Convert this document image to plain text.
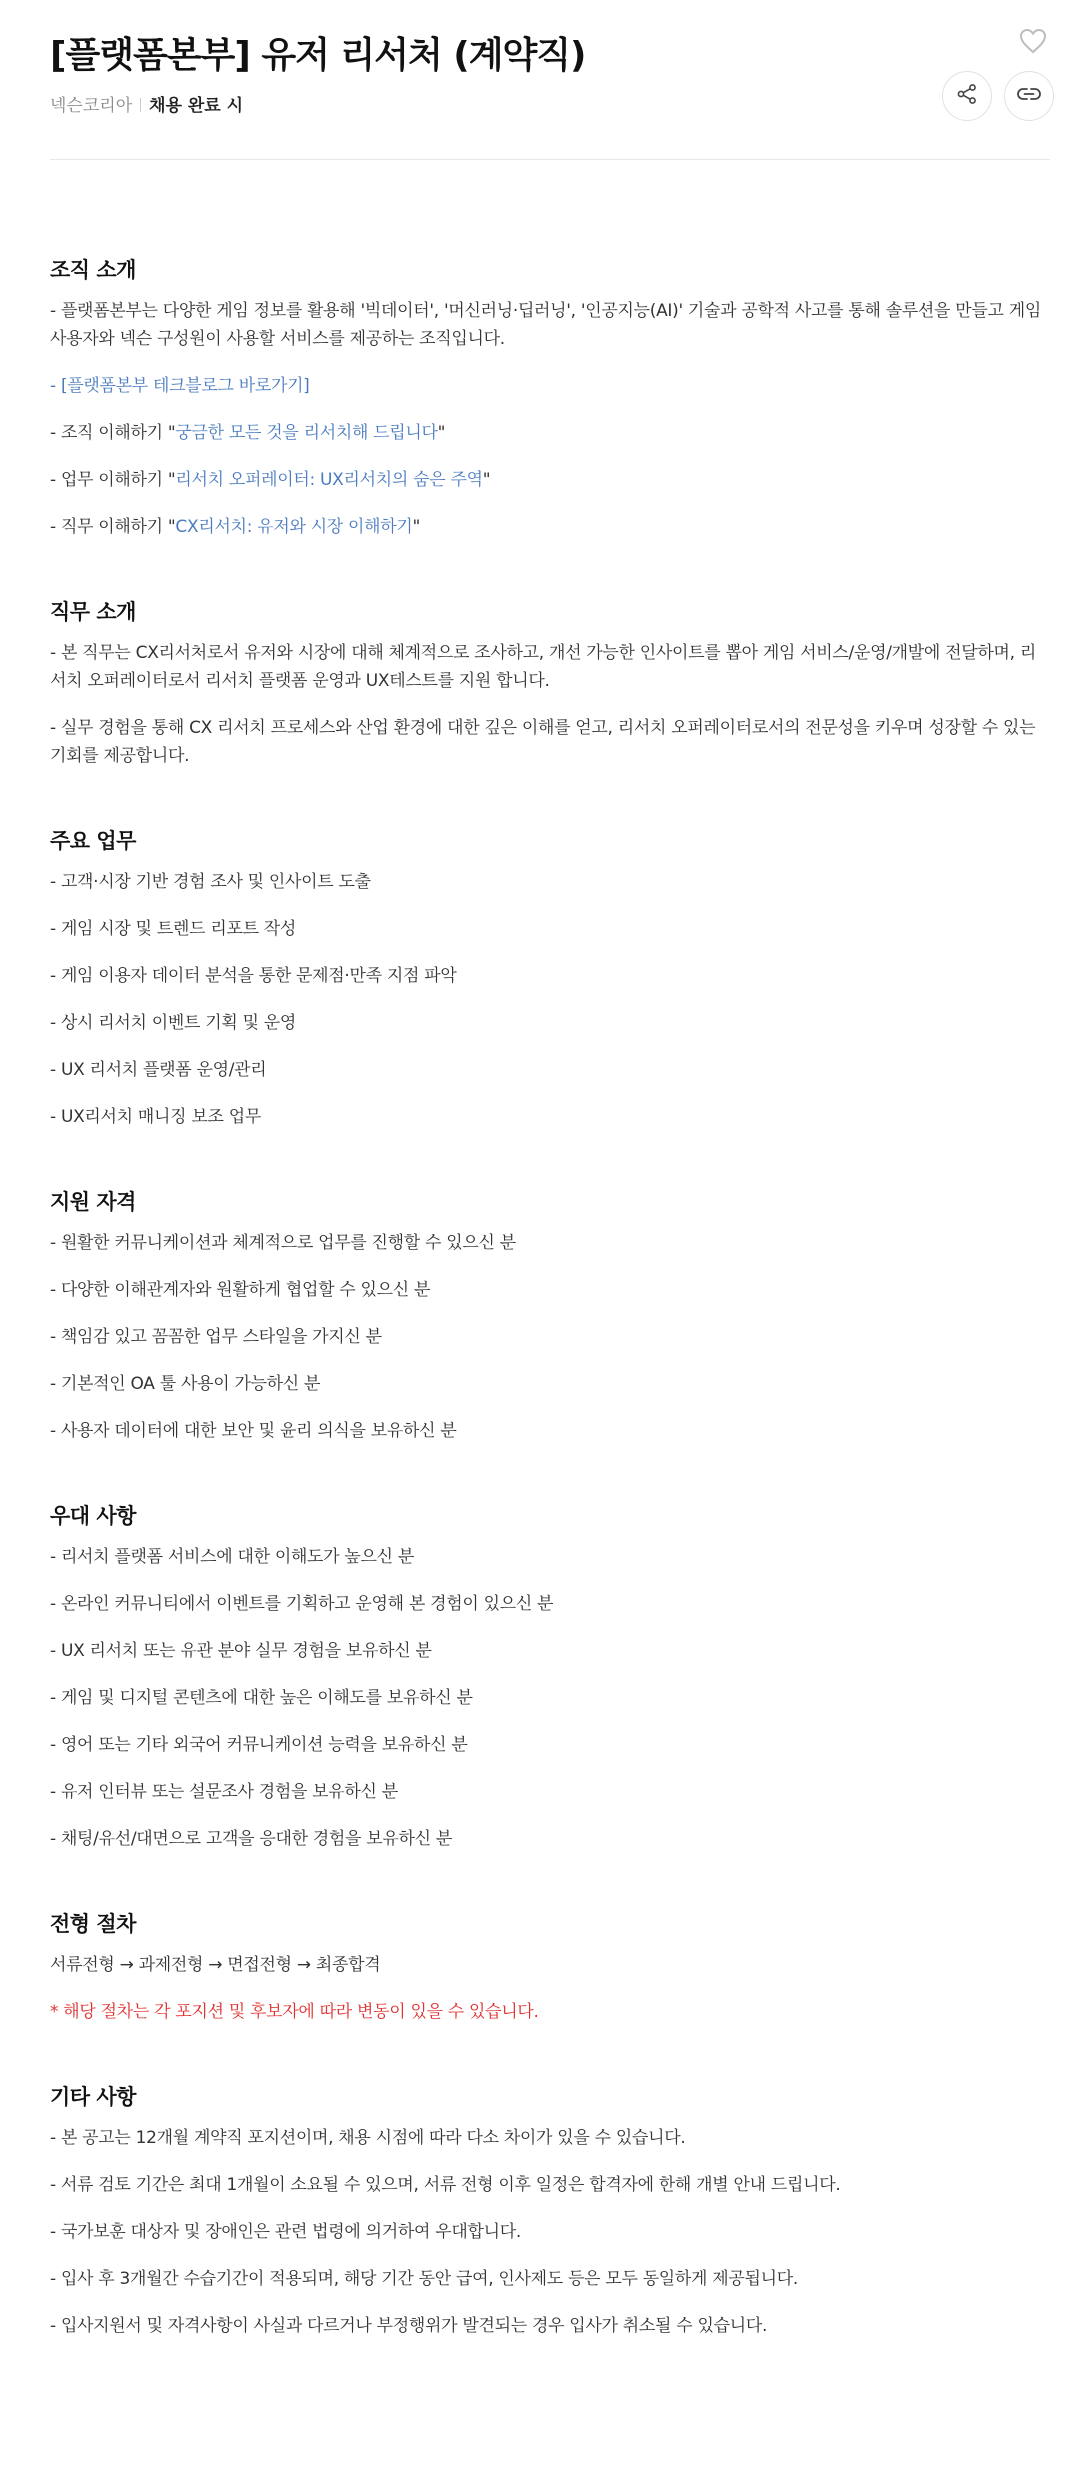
[플랫폼본부] 유저 리서처 (계약직)
넥슨코리아 채용 완료 시
조직 소개

- 플랫폼본부는 다양한 게임 정보를 활용해 '빅데이터', '머신러닝·딥러닝', '인공지능(AI)' 기술과 공학적 사고를 통해 솔루션을 만들고 게임 사용자와 넥슨 구성원이 사용할 서비스를 제공하는 조직입니다.

- [플랫폼본부 테크블로그 바로가기]

- 조직 이해하기 "궁금한 모든 것을 리서치해 드립니다"

- 업무 이해하기 "리서치 오퍼레이터: UX리서치의 숨은 주역"

- 직무 이해하기 "CX리서치: 유저와 시장 이해하기"

직무 소개

- 본 직무는 CX리서처로서 유저와 시장에 대해 체계적으로 조사하고, 개선 가능한 인사이트를 뽑아 게임 서비스/운영/개발에 전달하며, 리서치 오퍼레이터로서 리서치 플랫폼 운영과 UX테스트를 지원 합니다.

- 실무 경험을 통해 CX 리서치 프로세스와 산업 환경에 대한 깊은 이해를 얻고, 리서치 오퍼레이터로서의 전문성을 키우며 성장할 수 있는 기회를 제공합니다.

주요 업무

- 고객·시장 기반 경험 조사 및 인사이트 도출

- 게임 시장 및 트렌드 리포트 작성

- 게임 이용자 데이터 분석을 통한 문제점·만족 지점 파악

- 상시 리서치 이벤트 기획 및 운영

- UX 리서치 플랫폼 운영/관리

- UX리서치 매니징 보조 업무

지원 자격

- 원활한 커뮤니케이션과 체계적으로 업무를 진행할 수 있으신 분

- 다양한 이해관계자와 원활하게 협업할 수 있으신 분

- 책임감 있고 꼼꼼한 업무 스타일을 가지신 분

- 기본적인 OA 툴 사용이 가능하신 분

- 사용자 데이터에 대한 보안 및 윤리 의식을 보유하신 분

우대 사항

- 리서치 플랫폼 서비스에 대한 이해도가 높으신 분

- 온라인 커뮤니티에서 이벤트를 기획하고 운영해 본 경험이 있으신 분

- UX 리서치 또는 유관 분야 실무 경험을 보유하신 분

- 게임 및 디지털 콘텐츠에 대한 높은 이해도를 보유하신 분

- 영어 또는 기타 외국어 커뮤니케이션 능력을 보유하신 분

- 유저 인터뷰 또는 설문조사 경험을 보유하신 분

- 채팅/유선/대면으로 고객을 응대한 경험을 보유하신 분

전형 절차

서류전형 → 과제전형 → 면접전형 → 최종합격

* 해당 절차는 각 포지션 및 후보자에 따라 변동이 있을 수 있습니다.

기타 사항

- 본 공고는 12개월 계약직 포지션이며, 채용 시점에 따라 다소 차이가 있을 수 있습니다.

- 서류 검토 기간은 최대 1개월이 소요될 수 있으며, 서류 전형 이후 일정은 합격자에 한해 개별 안내 드립니다.

- 국가보훈 대상자 및 장애인은 관련 법령에 의거하여 우대합니다.

- 입사 후 3개월간 수습기간이 적용되며, 해당 기간 동안 급여, 인사제도 등은 모두 동일하게 제공됩니다.

- 입사지원서 및 자격사항이 사실과 다르거나 부정행위가 발견되는 경우 입사가 취소될 수 있습니다.
